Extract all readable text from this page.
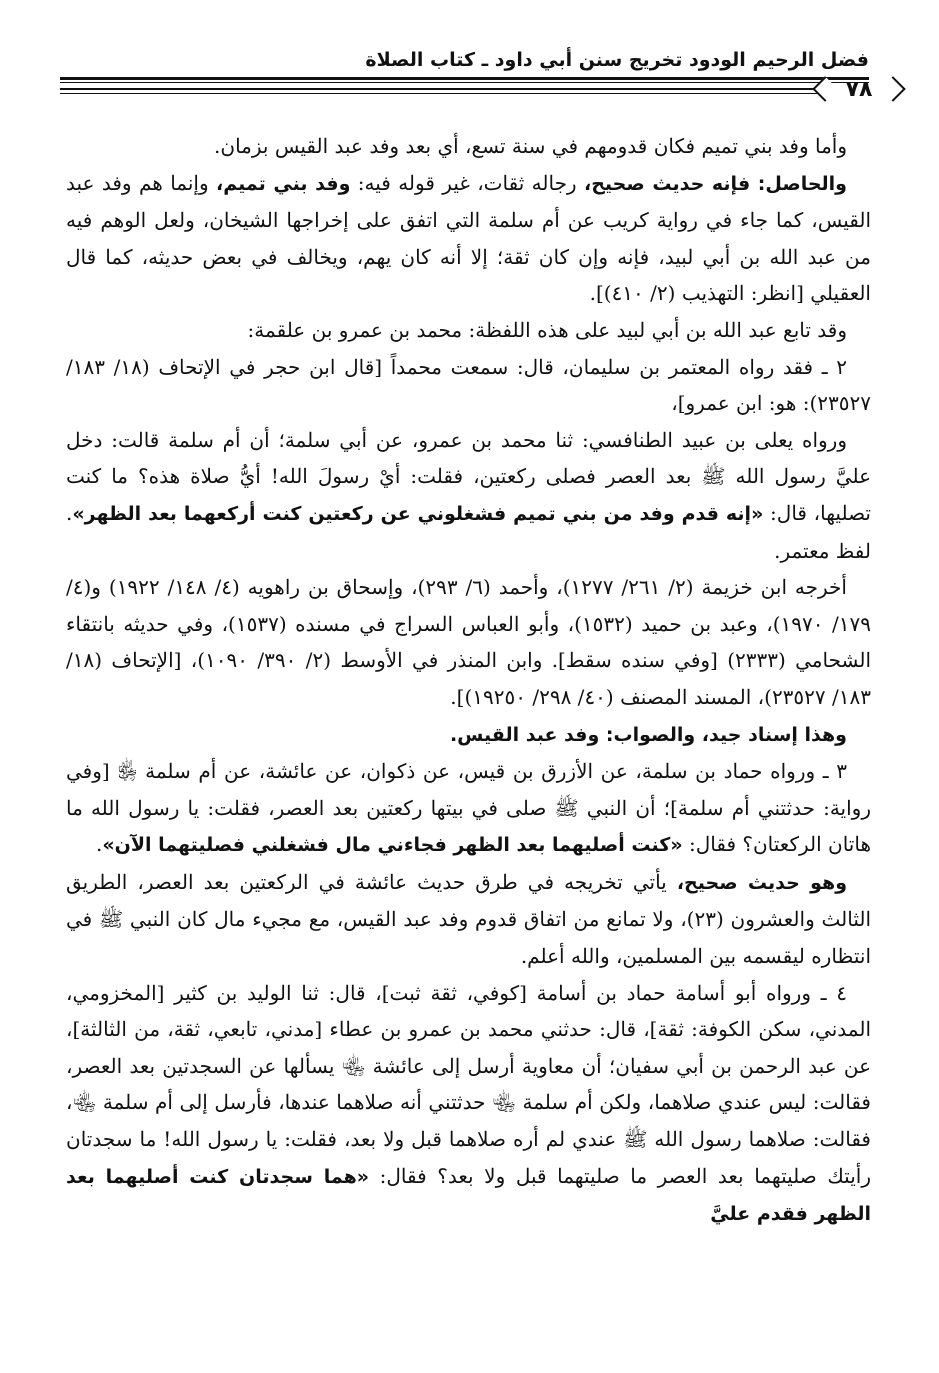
فضل الرحيم الودود تخريج سنن أبي داود ـ كتاب الصلاة
٧٨

وأما وفد بني تميم فكان قدومهم في سنة تسع، أي بعد وفد عبد القيس بزمان.

والحاصل: فإنه حديث صحيح، رجاله ثقات، غير قوله فيه: وفد بني تميم، وإنما هم وفد عبد القيس، كما جاء في رواية كريب عن أم سلمة التي اتفق على إخراجها الشيخان، ولعل الوهم فيه من عبد الله بن أبي لبيد، فإنه وإن كان ثقة؛ إلا أنه كان يهم، ويخالف في بعض حديثه، كما قال العقيلي [انظر: التهذيب (٢/ ٤١٠)].

وقد تابع عبد الله بن أبي لبيد على هذه اللفظة: محمد بن عمرو بن علقمة:

٢ ـ فقد رواه المعتمر بن سليمان، قال: سمعت محمداً [قال ابن حجر في الإتحاف (١٨/ ١٨٣/ ٢٣٥٢٧): هو: ابن عمرو]،

ورواه يعلى بن عبيد الطنافسي: ثنا محمد بن عمرو، عن أبي سلمة؛ أن أم سلمة قالت: دخل عليَّ رسول الله ﷺ بعد العصر فصلى ركعتين، فقلت: أيْ رسولَ الله! أيُّ صلاة هذه؟ ما كنت تصليها، قال: «إنه قدم وفد من بني تميم فشغلوني عن ركعتين كنت أركعهما بعد الظهر». لفظ معتمر.

أخرجه ابن خزيمة (٢/ ٢٦١/ ١٢٧٧)، وأحمد (٦/ ٢٩٣)، وإسحاق بن راهويه (٤/ ١٤٨/ ١٩٢٢) و(٤/ ١٧٩/ ١٩٧٠)، وعبد بن حميد (١٥٣٢)، وأبو العباس السراج في مسنده (١٥٣٧)، وفي حديثه بانتقاء الشحامي (٢٣٣٣) [وفي سنده سقط]. وابن المنذر في الأوسط (٢/ ٣٩٠/ ١٠٩٠)، [الإتحاف (١٨/ ١٨٣/ ٢٣٥٢٧)، المسند المصنف (٤٠/ ٢٩٨/ ١٩٢٥٠)].

وهذا إسناد جيد، والصواب: وفد عبد القيس.

٣ ـ ورواه حماد بن سلمة، عن الأزرق بن قيس، عن ذكوان، عن عائشة، عن أم سلمة ﵂ [وفي رواية: حدثتني أم سلمة]؛ أن النبي ﷺ صلى في بيتها ركعتين بعد العصر، فقلت: يا رسول الله ما هاتان الركعتان؟ فقال: «كنت أصليهما بعد الظهر فجاءني مال فشغلني فصليتهما الآن».

وهو حديث صحيح، يأتي تخريجه في طرق حديث عائشة في الركعتين بعد العصر، الطريق الثالث والعشرون (٢٣)، ولا تمانع من اتفاق قدوم وفد عبد القيس، مع مجيء مال كان النبي ﷺ في انتظاره ليقسمه بين المسلمين، والله أعلم.

٤ ـ ورواه أبو أسامة حماد بن أسامة [كوفي، ثقة ثبت]، قال: ثنا الوليد بن كثير [المخزومي، المدني، سكن الكوفة: ثقة]، قال: حدثني محمد بن عمرو بن عطاء [مدني، تابعي، ثقة، من الثالثة]، عن عبد الرحمن بن أبي سفيان؛ أن معاوية أرسل إلى عائشة ﵄ يسألها عن السجدتين بعد العصر، فقالت: ليس عندي صلاهما، ولكن أم سلمة ﵄ حدثتني أنه صلاهما عندها، فأرسل إلى أم سلمة ﵄، فقالت: صلاهما رسول الله ﷺ عندي لم أره صلاهما قبل ولا بعد، فقلت: يا رسول الله! ما سجدتان رأيتك صليتهما بعد العصر ما صليتهما قبل ولا بعد؟ فقال: «هما سجدتان كنت أصليهما بعد الظهر فقدم عليَّ
